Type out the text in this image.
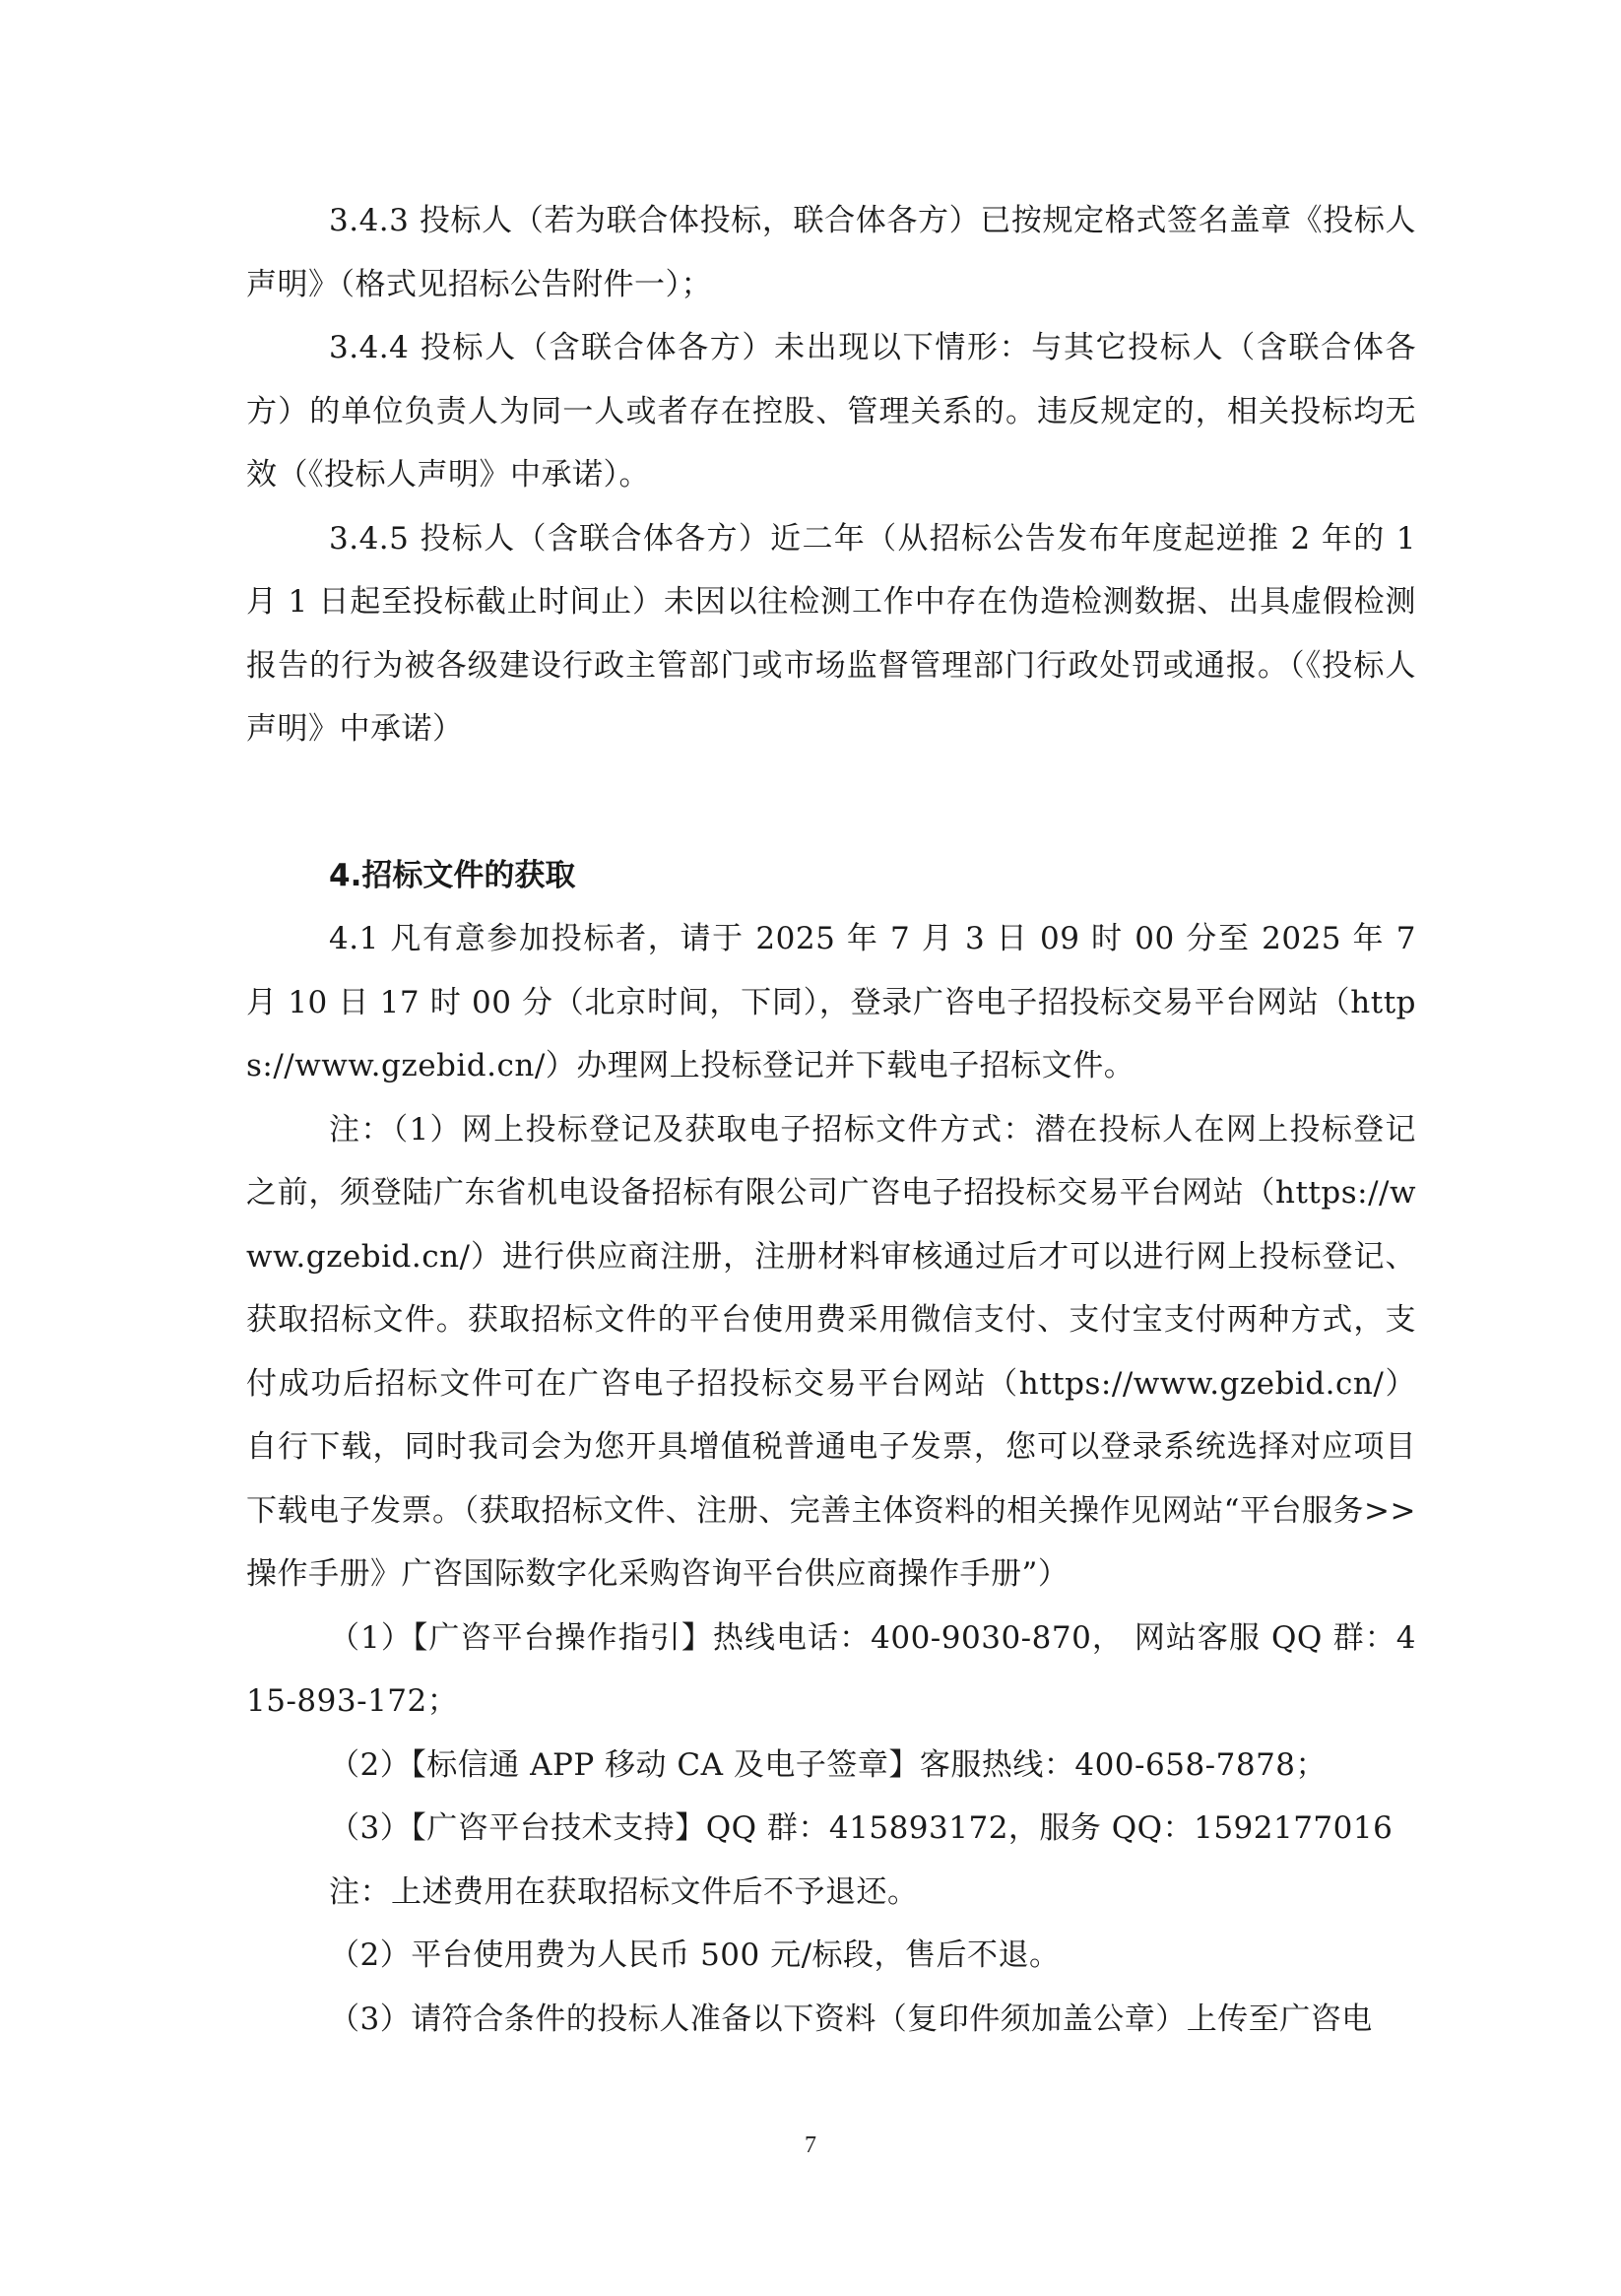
3.4.3 投标人（若为联合体投标，联合体各方）已按规定格式签名盖章《投标人声明》（格式见招标公告附件一）；

3.4.4 投标人（含联合体各方）未出现以下情形：与其它投标人（含联合体各方）的单位负责人为同一人或者存在控股、管理关系的。违反规定的，相关投标均无效（《投标人声明》中承诺）。

3.4.5 投标人（含联合体各方）近二年（从招标公告发布年度起逆推 2 年的 1 月 1 日起至投标截止时间止）未因以往检测工作中存在伪造检测数据、出具虚假检测报告的行为被各级建设行政主管部门或市场监督管理部门行政处罚或通报。（《投标人声明》中承诺）

4.招标文件的获取

4.1 凡有意参加投标者，请于 2025 年 7 月 3 日 09 时 00 分至 2025 年 7 月 10 日 17 时 00 分（北京时间，下同），登录广咨电子招投标交易平台网站（https://www.gzebid.cn/）办理网上投标登记并下载电子招标文件。

注：（1）网上投标登记及获取电子招标文件方式：潜在投标人在网上投标登记之前，须登陆广东省机电设备招标有限公司广咨电子招投标交易平台网站（https://www.gzebid.cn/）进行供应商注册，注册材料审核通过后才可以进行网上投标登记、获取招标文件。获取招标文件的平台使用费采用微信支付、支付宝支付两种方式，支付成功后招标文件可在广咨电子招投标交易平台网站（https://www.gzebid.cn/）自行下载，同时我司会为您开具增值税普通电子发票，您可以登录系统选择对应项目下载电子发票。（获取招标文件、注册、完善主体资料的相关操作见网站“平台服务>>操作手册》广咨国际数字化采购咨询平台供应商操作手册”）

（1）【广咨平台操作指引】热线电话：400-9030-870， 网站客服 QQ 群：415-893-172；

（2）【标信通 APP 移动 CA 及电子签章】客服热线：400-658-7878；

（3）【广咨平台技术支持】QQ 群：415893172，服务 QQ：1592177016

注：上述费用在获取招标文件后不予退还。

（2）平台使用费为人民币 500 元/标段，售后不退。

（3）请符合条件的投标人准备以下资料（复印件须加盖公章）上传至广咨电

7
